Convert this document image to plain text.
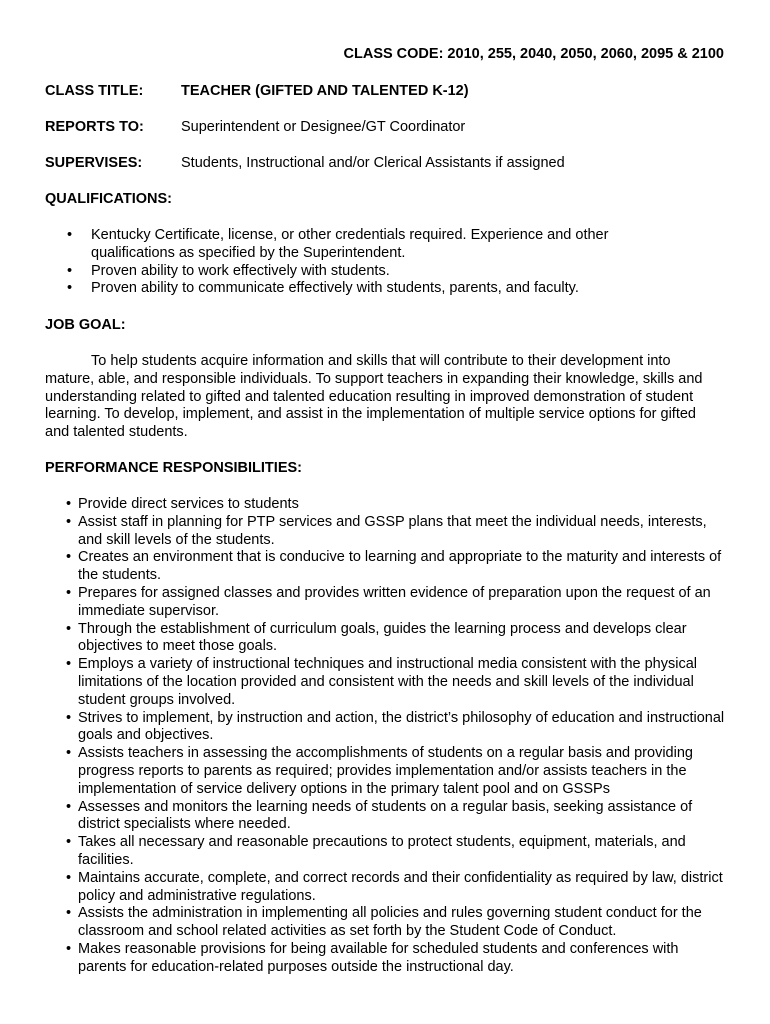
CLASS CODE: 2010, 255, 2040, 2050, 2060, 2095 & 2100
CLASS TITLE:	TEACHER (GIFTED AND TALENTED K-12)
REPORTS TO:	Superintendent or Designee/GT Coordinator
SUPERVISES:	Students, Instructional and/or Clerical Assistants if assigned
QUALIFICATIONS:
• Kentucky Certificate, license, or other credentials required. Experience and other qualifications as specified by the Superintendent.
• Proven ability to work effectively with students.
• Proven ability to communicate effectively with students, parents, and faculty.
JOB GOAL:

To help students acquire information and skills that will contribute to their development into mature, able, and responsible individuals. To support teachers in expanding their knowledge, skills and understanding related to gifted and talented education resulting in improved demonstration of student learning. To develop, implement, and assist in the implementation of multiple service options for gifted and talented students.

PERFORMANCE RESPONSIBILITIES:
• Provide direct services to students
• Assist staff in planning for PTP services and GSSP plans that meet the individual needs, interests, and skill levels of the students.
• Creates an environment that is conducive to learning and appropriate to the maturity and interests of the students.
• Prepares for assigned classes and provides written evidence of preparation upon the request of an immediate supervisor.
• Through the establishment of curriculum goals, guides the learning process and develops clear objectives to meet those goals.
• Employs a variety of instructional techniques and instructional media consistent with the physical limitations of the location provided and consistent with the needs and skill levels of the individual student groups involved.
• Strives to implement, by instruction and action, the district’s philosophy of education and instructional goals and objectives.
• Assists teachers in assessing the accomplishments of students on a regular basis and providing progress reports to parents as required; provides implementation and/or assists teachers in the implementation of service delivery options in the primary talent pool and on GSSPs
• Assesses and monitors the learning needs of students on a regular basis, seeking assistance of district specialists where needed.
• Takes all necessary and reasonable precautions to protect students, equipment, materials, and facilities.
• Maintains accurate, complete, and correct records and their confidentiality as required by law, district policy and administrative regulations.
• Assists the administration in implementing all policies and rules governing student conduct for the classroom and school related activities as set forth by the Student Code of Conduct.
• Makes reasonable provisions for being available for scheduled students and conferences with parents for education-related purposes outside the instructional day.
